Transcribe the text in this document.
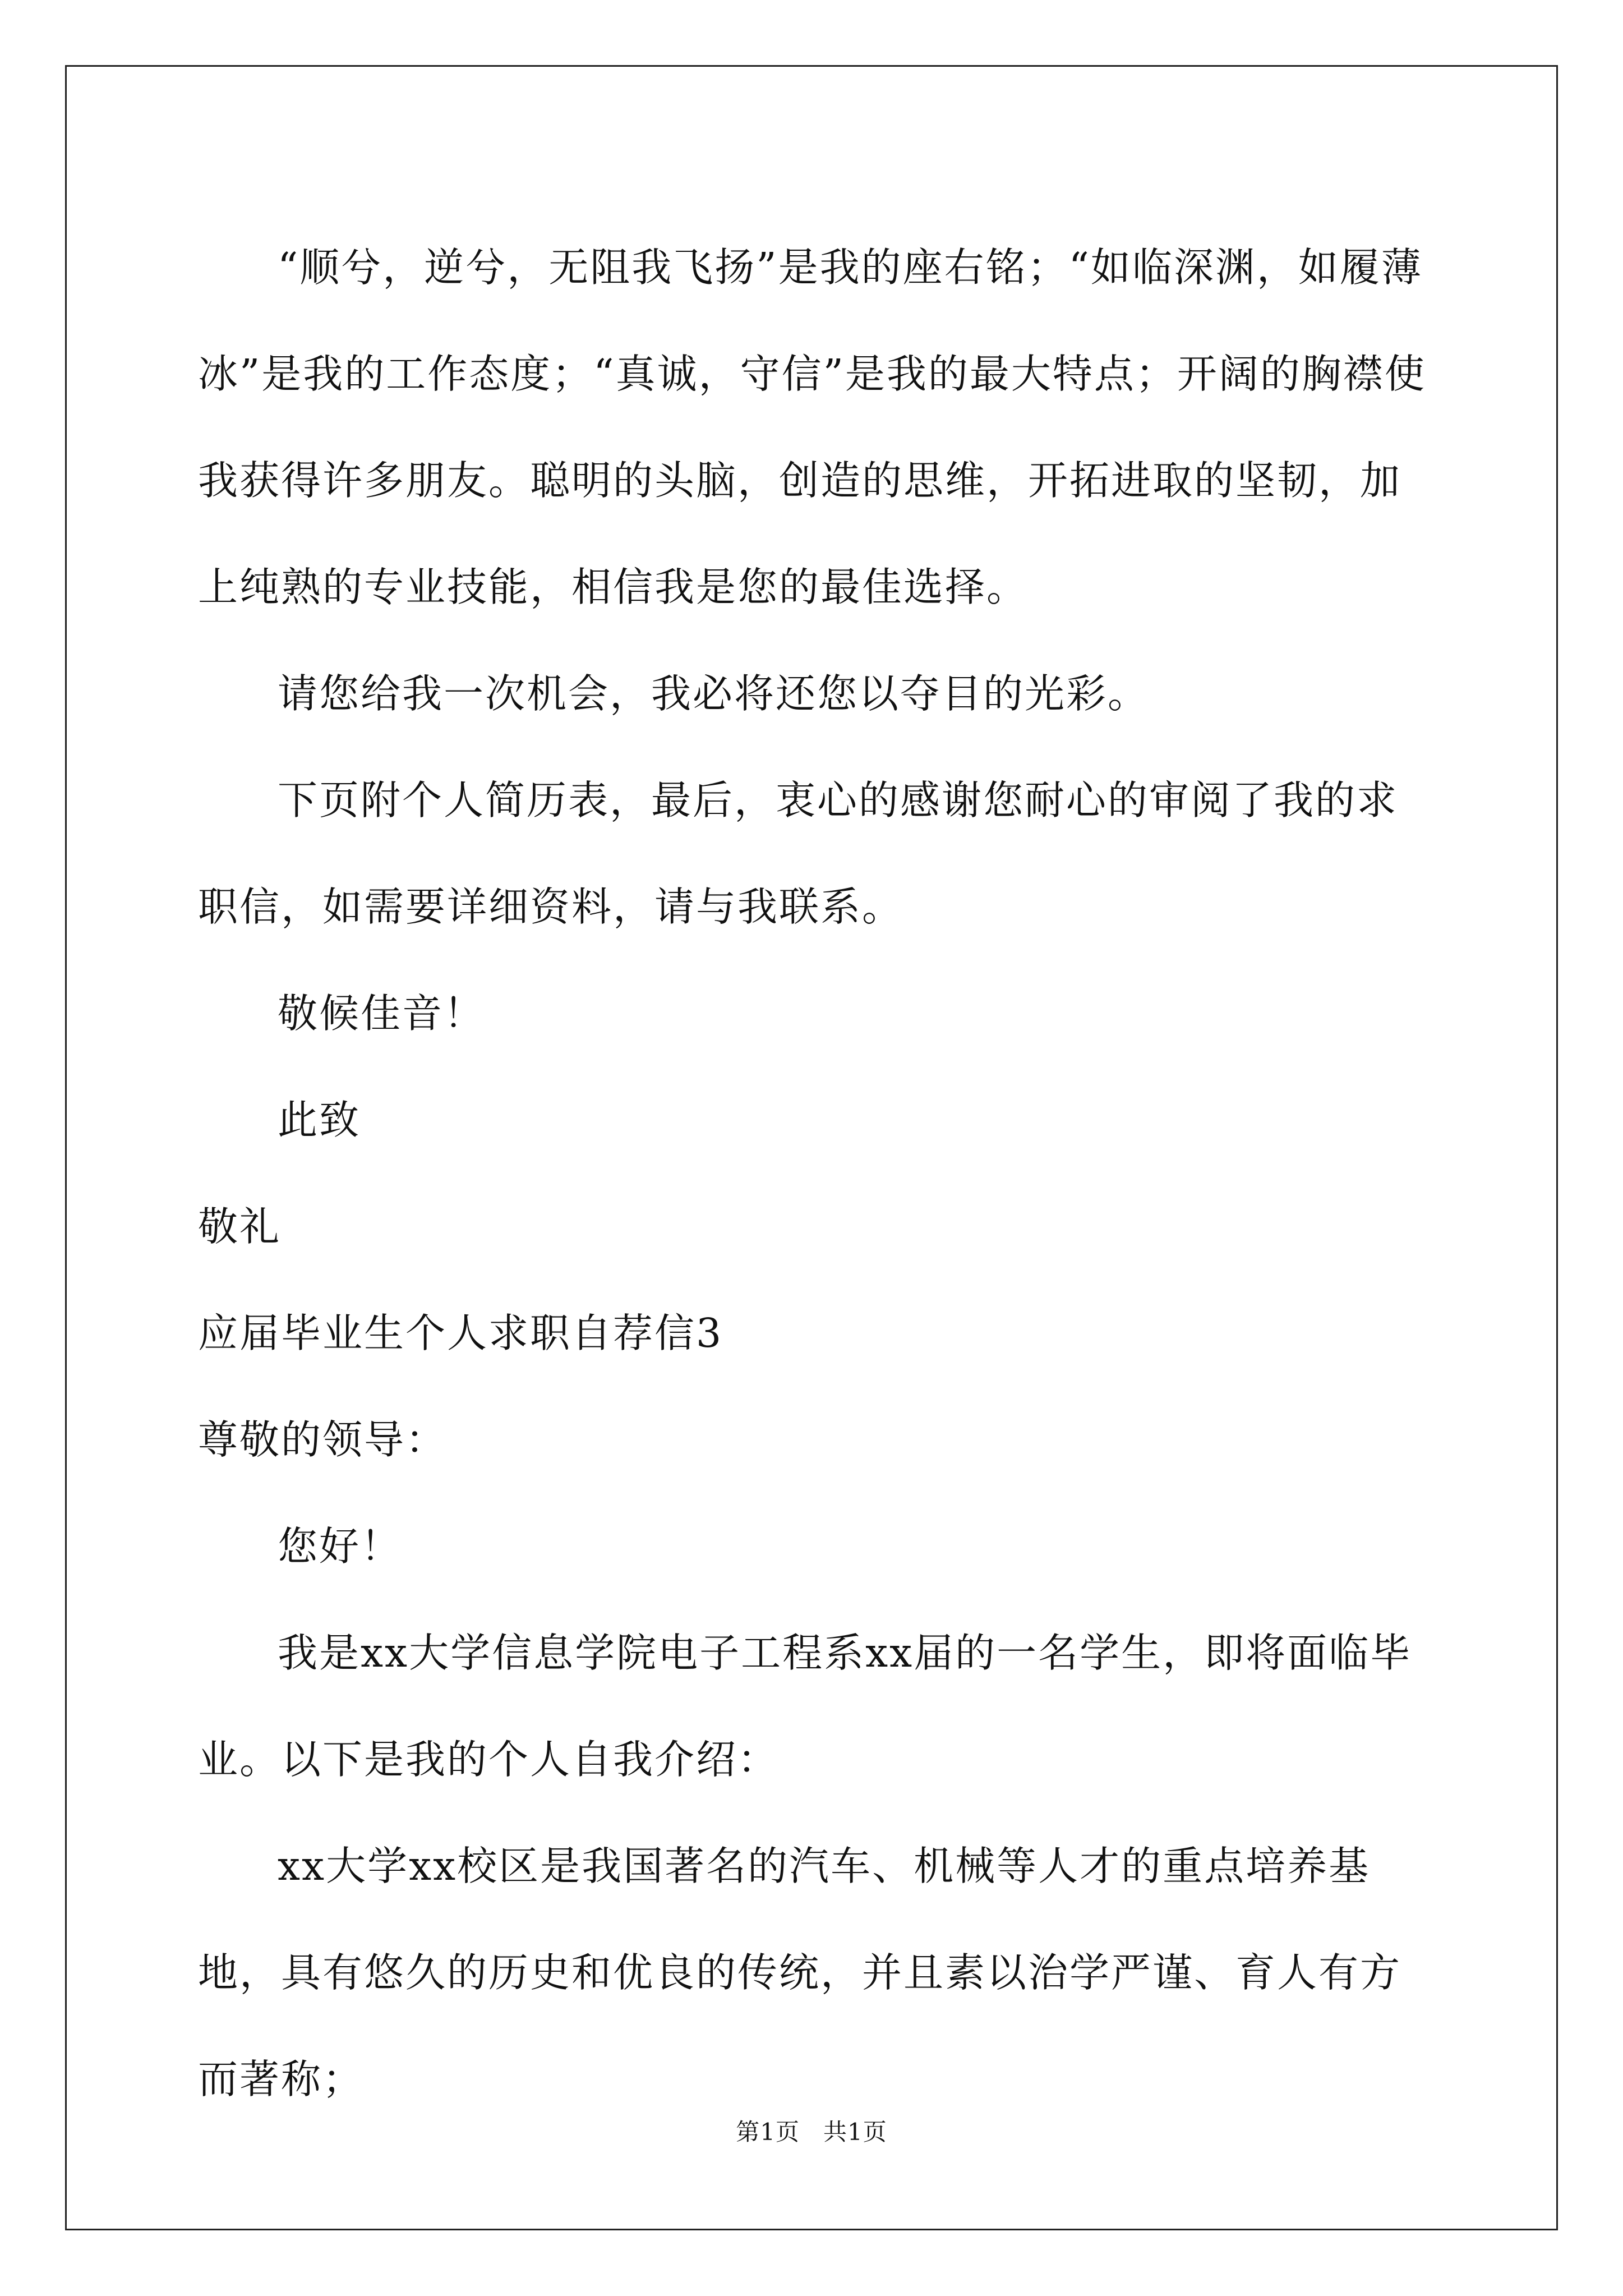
“顺兮，逆兮，无阻我飞扬”是我的座右铭；“如临深渊，如履薄冰”是我的工作态度；“真诚，守信”是我的最大特点；开阔的胸襟使我获得许多朋友。聪明的头脑，创造的思维，开拓进取的坚韧，加上纯熟的专业技能，相信我是您的最佳选择。

请您给我一次机会，我必将还您以夺目的光彩。

下页附个人简历表，最后，衷心的感谢您耐心的审阅了我的求职信，如需要详细资料，请与我联系。

敬候佳音！

此致

敬礼

应届毕业生个人求职自荐信3

尊敬的领导：

您好！

我是xx大学信息学院电子工程系xx届的一名学生，即将面临毕业。以下是我的个人自我介绍：

xx大学xx校区是我国著名的汽车、机械等人才的重点培养基地，具有悠久的历史和优良的传统，并且素以治学严谨、育人有方而著称；

第1页 共1页
